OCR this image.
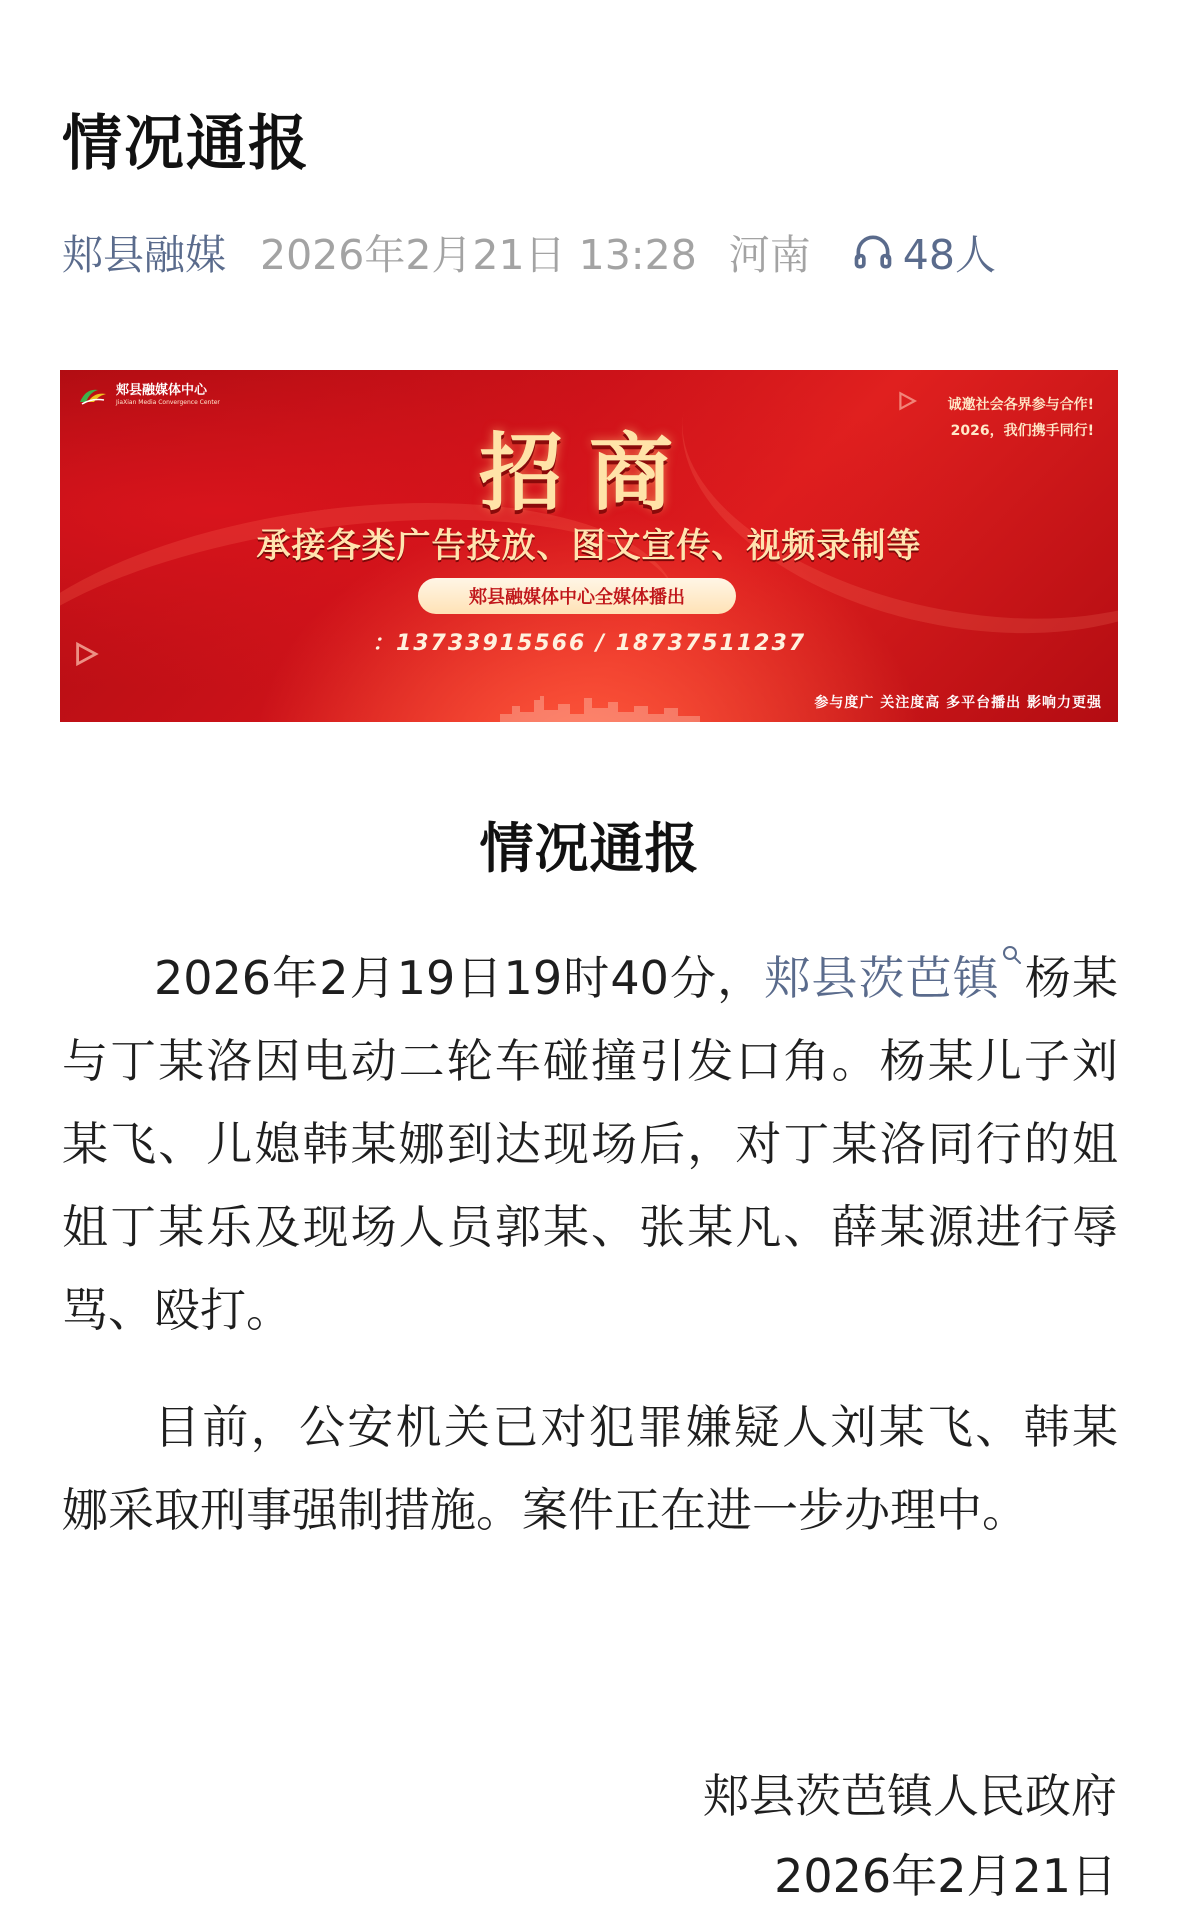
情况通报
郏县融媒 2026年2月21日 13:28 河南 48人
郏县融媒体中心
JiaXian Media Convergence Center	诚邀社会各界参与合作!
2026，我们携手同行!
招商
承接各类广告投放、图文宣传、视频录制等
郏县融媒体中心全媒体播出
：13733915566 / 18737511237
参与度广 关注度高 多平台播出 影响力更强
情况通报
2026年2月19日19时40分，郏县茨芭镇 杨某与丁某洛因电动二轮车碰撞引发口角。杨某儿子刘某飞、儿媳韩某娜到达现场后，对丁某洛同行的姐姐丁某乐及现场人员郭某、张某凡、薛某源进行辱骂、殴打。
目前，公安机关已对犯罪嫌疑人刘某飞、韩某娜采取刑事强制措施。案件正在进一步办理中。
郏县茨芭镇人民政府
2026年2月21日
